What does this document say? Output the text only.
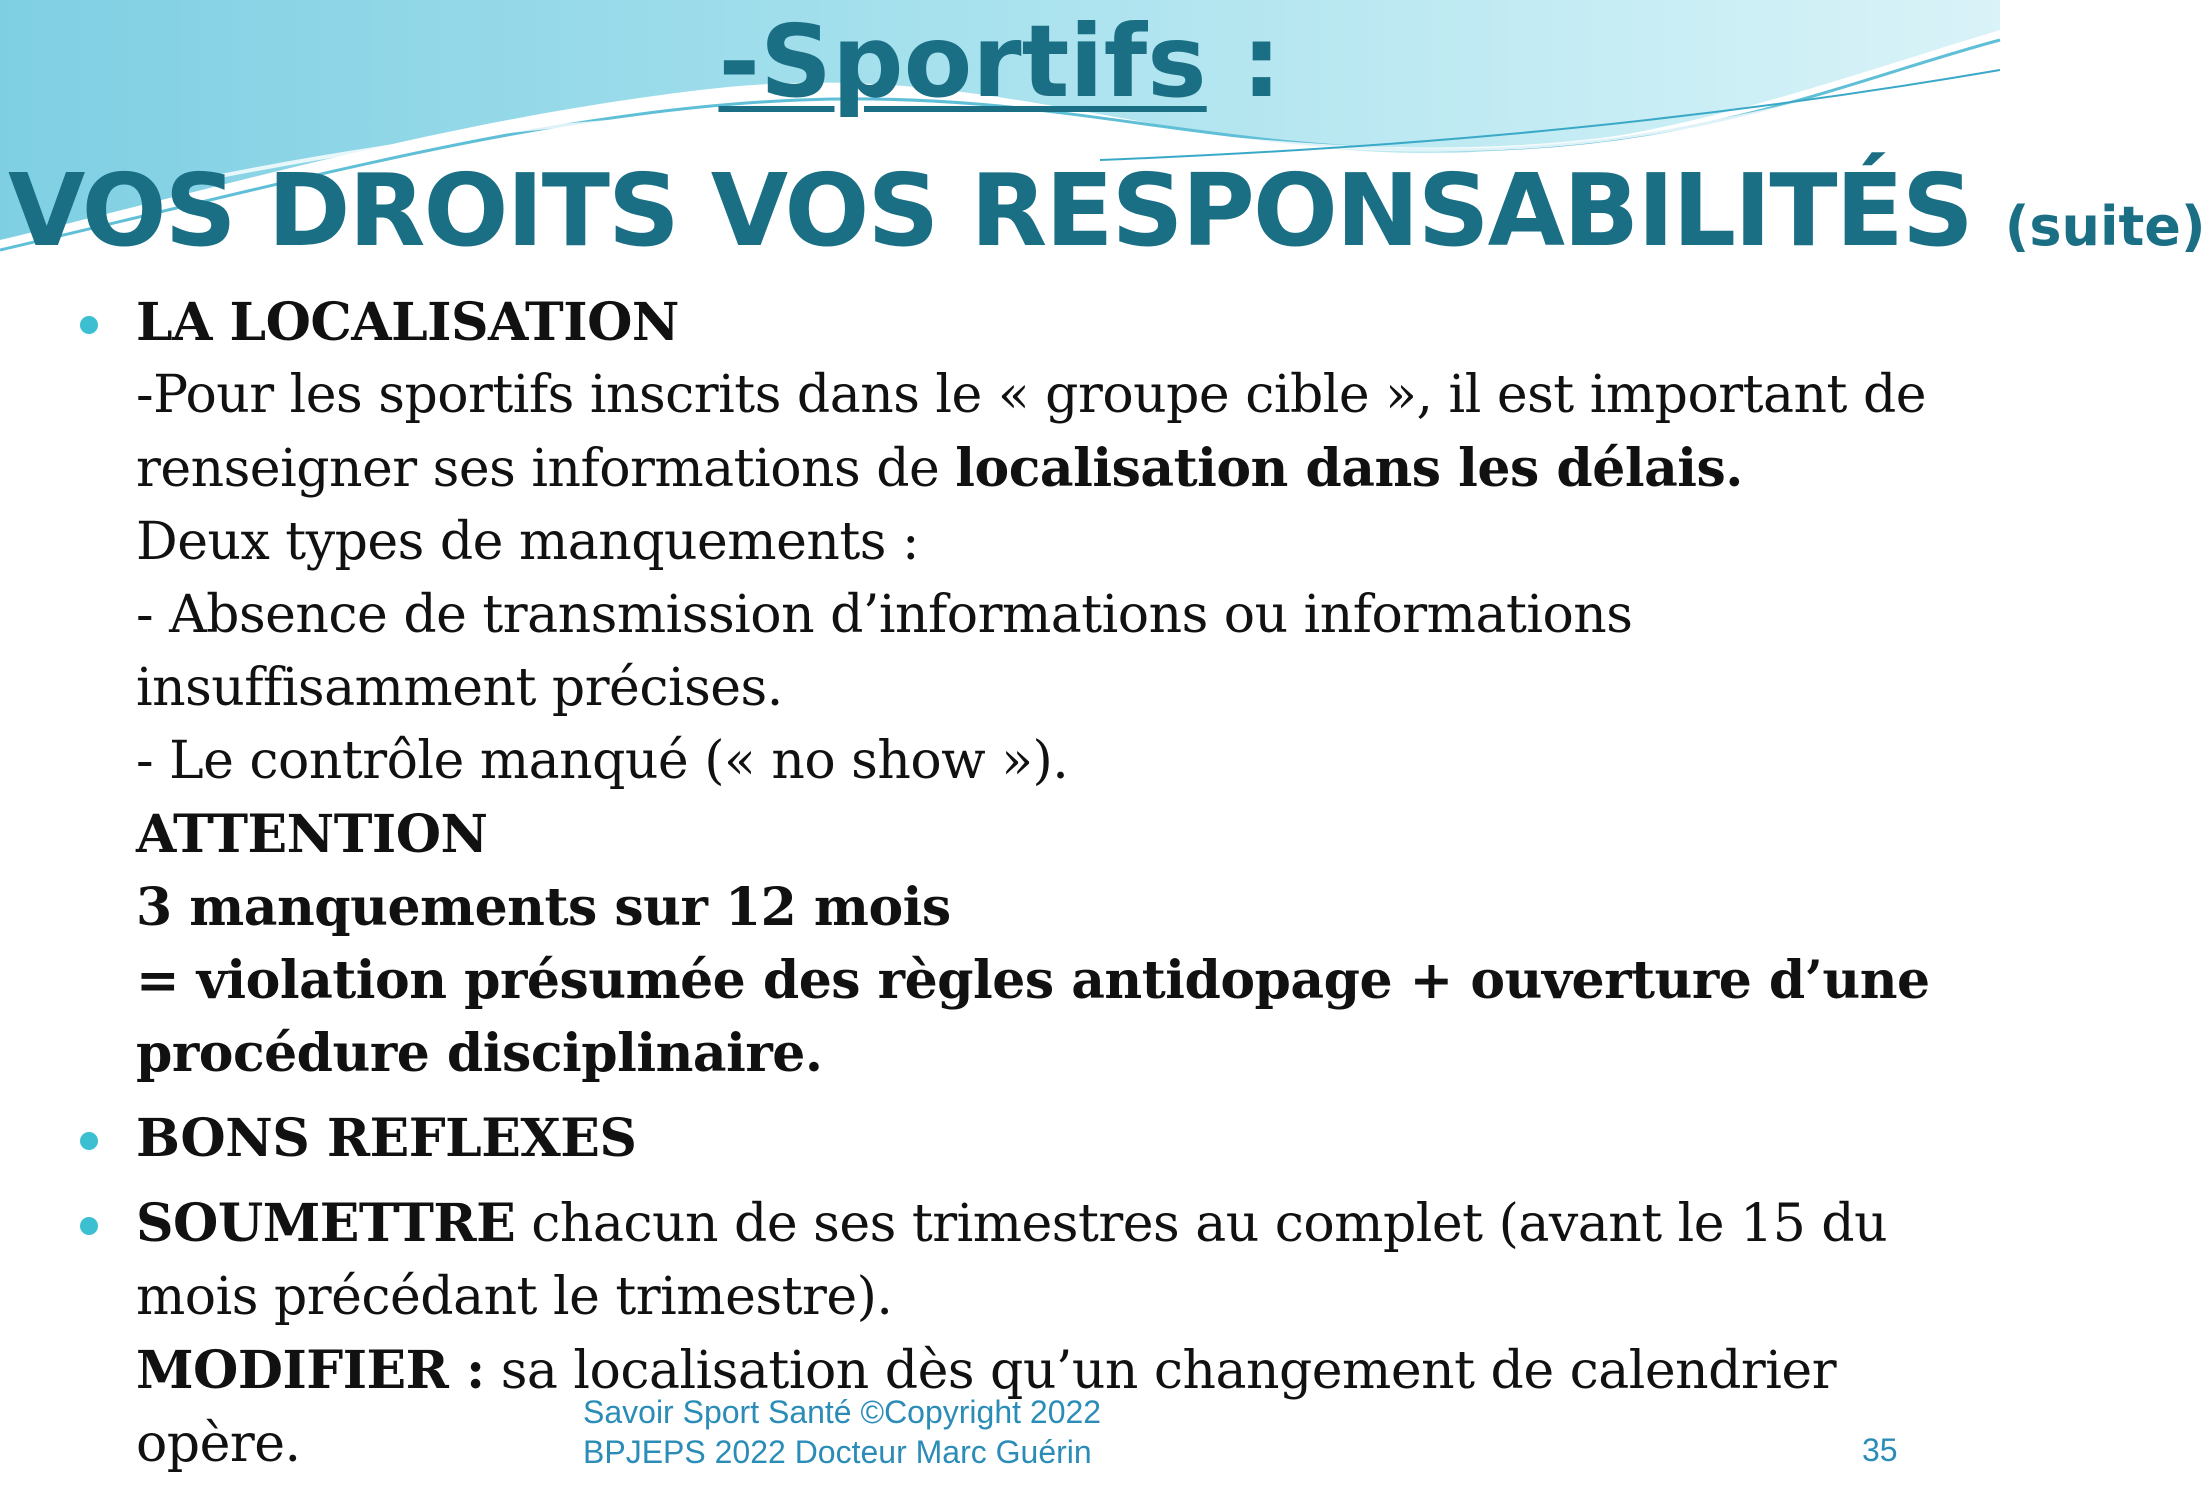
-Sportifs :
VOS DROITS VOS RESPONSABILITÉS (suite)
LA LOCALISATION
-Pour les sportifs inscrits dans le « groupe cible », il est important de
renseigner ses informations de localisation dans les délais.
Deux types de manquements :
- Absence de transmission d’informations ou informations
insuffisamment précises.
- Le contrôle manqué (« no show »).
ATTENTION
3 manquements sur 12 mois
= violation présumée des règles antidopage + ouverture d’une
procédure disciplinaire.
BONS REFLEXES
SOUMETTRE chacun de ses trimestres au complet (avant le 15 du
mois précédant le trimestre).
MODIFIER : sa localisation dès qu’un changement de calendrier
opère.
Savoir Sport Santé ©Copyright 2022
BPJEPS 2022 Docteur Marc Guérin	35
